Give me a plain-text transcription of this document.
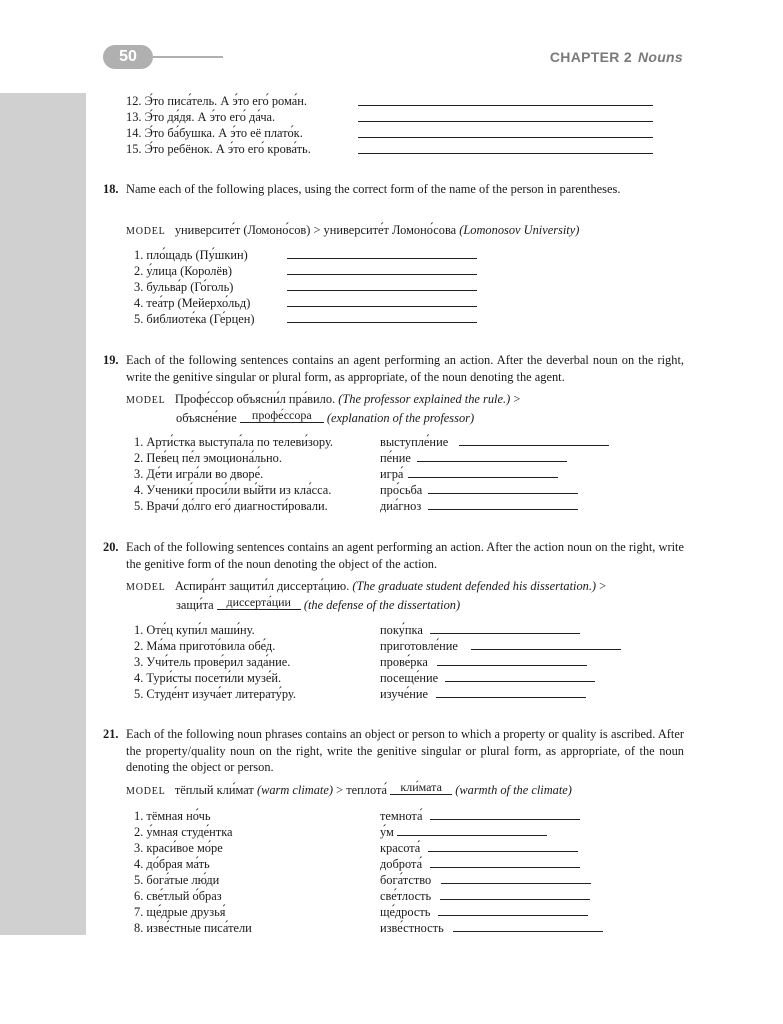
50	CHAPTER 2 Nouns
12. Э́то писа́тель. А э́то его́ рома́н.
13. Э́то дя́дя. А э́то его́ да́ча.
14. Э́то ба́бушка. А э́то её плато́к.
15. Э́то ребёнок. А э́то его́ крова́ть.
18. Name each of the following places, using the correct form of the name of the person in parentheses.
MODEL университе́т (Ломоно́сов) > университе́т Ломоно́сова (Lomonosov University)
1. пло́щадь (Пу́шкин)
2. у́лица (Королёв)
3. бульва́р (Го́голь)
4. теа́тр (Мейерхо́льд)
5. библиоте́ка (Ге́рцен)
19. Each of the following sentences contains an agent performing an action. After the deverbal noun on the right, write the genitive singular or plural form, as appropriate, of the noun denoting the agent.
MODEL Профе́ссор объясни́л пра́вило. (The professor explained the rule.) >
объясне́ние профе́ссора (explanation of the professor)
1. Арти́стка выступа́ла по телеви́зору.	выступле́ние
2. Пев́ец пе́л эмоциона́льно.	пе́ние
3. Де́ти игра́ли во дворе́.	игра́
4. Ученики́ проси́ли вы́йти из кла́сса.	про́сьба
5. Врачи́ до́лго его́ диагности́ровали.	диа́гноз
20. Each of the following sentences contains an agent performing an action. After the action noun on the right, write the genitive form of the noun denoting the object of the action.
MODEL Аспира́нт защити́л диссерта́цию. (The graduate student defended his dissertation.) >
защи́та диссерта́ции (the defense of the dissertation)
1. Оте́ц купи́л маши́ну.	поку́пка
2. Ма́ма пригото́вила обе́д.	приготовле́ние
3. Учи́тель прове́рил зада́ние.	прове́рка
4. Тури́сты посети́ли музе́й.	посеще́ние
5. Студе́нт изуча́ет литерату́ру.	изуче́ние
21. Each of the following noun phrases contains an object or person to which a property or quality is ascribed. After the property/quality noun on the right, write the genitive singular or plural form, as appropriate, of the noun denoting the object or person.
MODEL тёплый кли́мат (warm climate) > теплота́ кли́мата (warmth of the climate)
1. тёмная но́чь	темнота́
2. у́мная студе́нтка	у́м
3. краси́вое мо́ре	красота́
4. до́брая ма́ть	доброта́
5. бога́тые лю́ди	бога́тство
6. све́тлый о́браз	све́тлость
7. ще́дрые друзья́	ще́дрость
8. изве́стные писа́тели	изве́стность
